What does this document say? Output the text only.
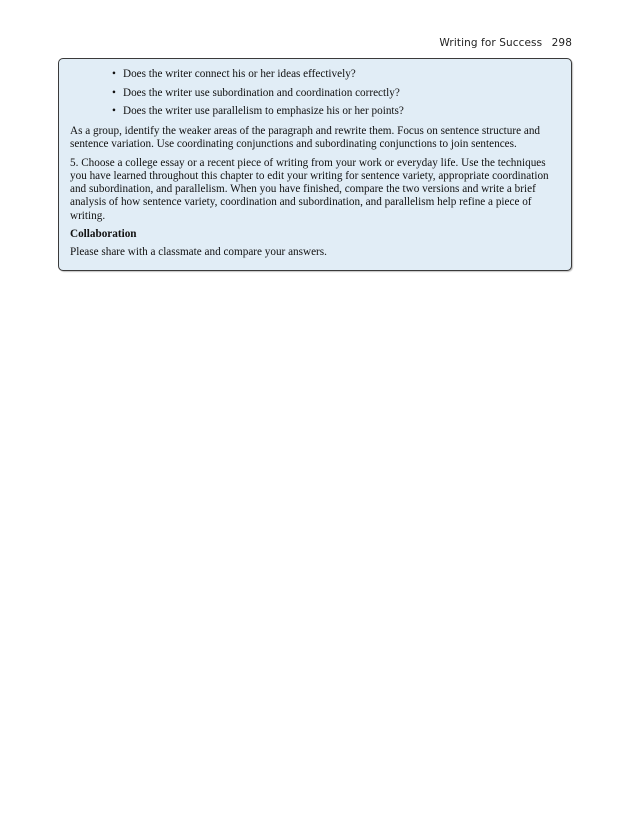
Writing for Success 298
• Does the writer connect his or her ideas effectively?
• Does the writer use subordination and coordination correctly?
• Does the writer use parallelism to emphasize his or her points?

As a group, identify the weaker areas of the paragraph and rewrite them. Focus on sentence structure and sentence variation. Use coordinating conjunctions and subordinating conjunctions to join sentences.

5. Choose a college essay or a recent piece of writing from your work or everyday life. Use the techniques you have learned throughout this chapter to edit your writing for sentence variety, appropriate coordination and subordination, and parallelism. When you have finished, compare the two versions and write a brief analysis of how sentence variety, coordination and subordination, and parallelism help refine a piece of writing.

Collaboration

Please share with a classmate and compare your answers.
